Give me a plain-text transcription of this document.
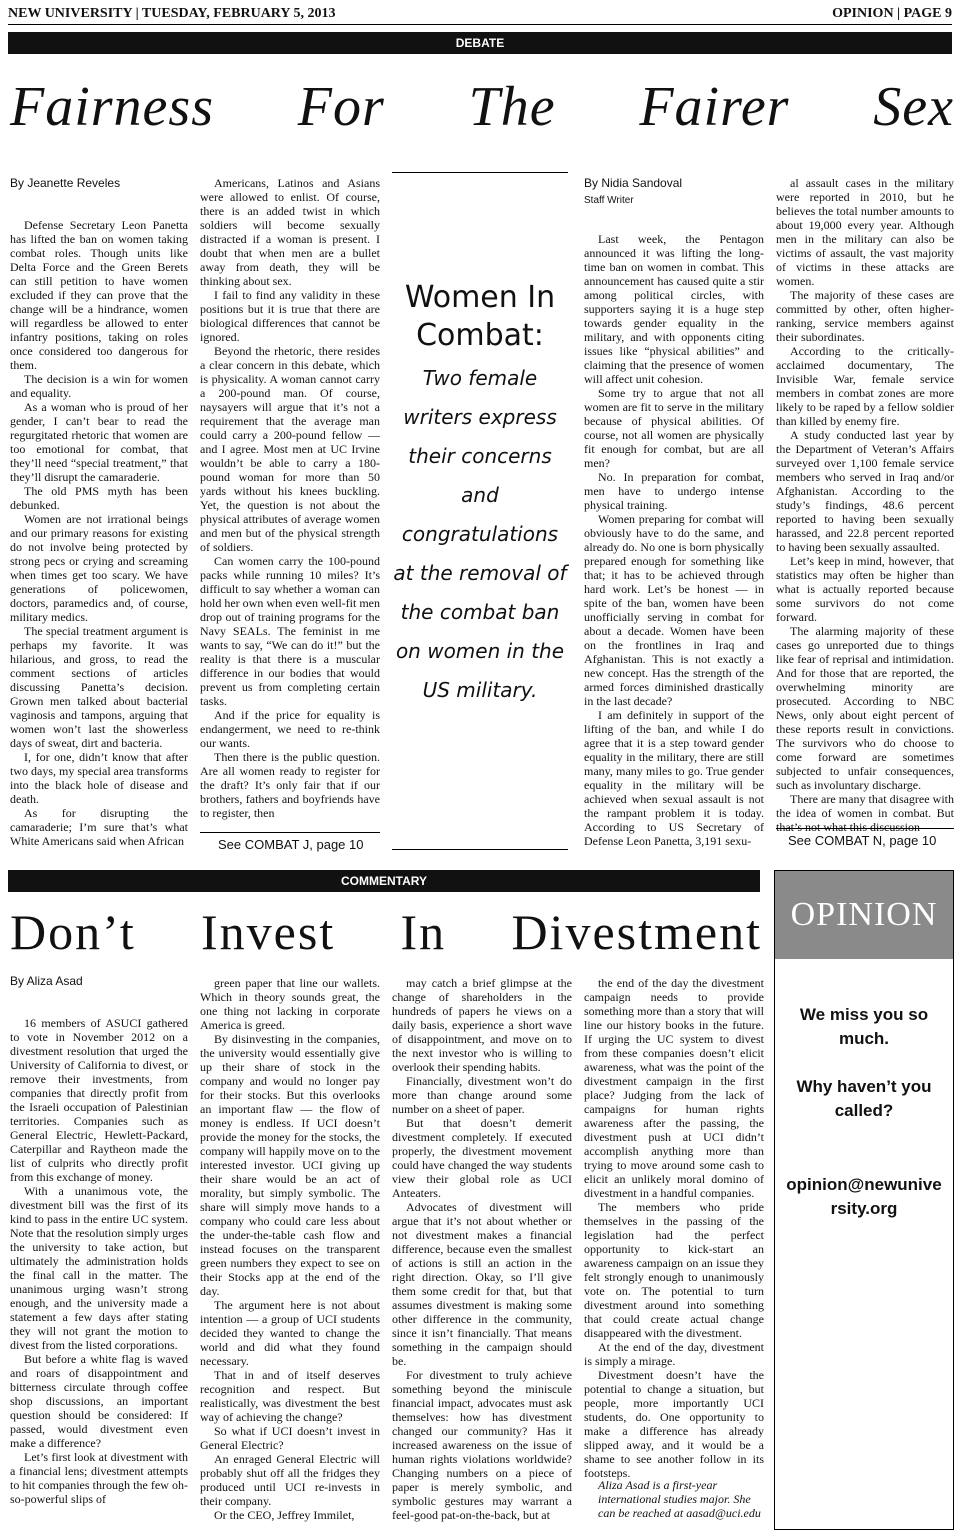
NEW UNIVERSITY | TUESDAY, FEBRUARY 5, 2013	OPINION | PAGE 9
DEBATE
Fairness For The Fairer Sex
By Jeanette Reveles

Defense Secretary Leon Panetta has lifted the ban on women taking combat roles. Though units like Delta Force and the Green Berets can still petition to have women excluded if they can prove that the change will be a hindrance, women will regardless be allowed to enter infantry positions, taking on roles once considered too dangerous for them.

The decision is a win for women and equality.

As a woman who is proud of her gender, I can’t bear to read the regurgitated rhetoric that women are too emotional for combat, that they’ll need “special treatment,” that they’ll disrupt the camaraderie.

The old PMS myth has been debunked.

Women are not irrational beings and our primary reasons for existing do not involve being protected by strong pecs or crying and screaming when times get too scary. We have generations of policewomen, doctors, paramedics and, of course, military medics.

The special treatment argument is perhaps my favorite. It was hilarious, and gross, to read the comment sections of articles discussing Panetta’s decision. Grown men talked about bacterial vaginosis and tampons, arguing that women won’t last the showerless days of sweat, dirt and bacteria.

I, for one, didn’t know that after two days, my special area transforms into the black hole of disease and death.

As for disrupting the camaraderie; I’m sure that’s what White Americans said when African

Americans, Latinos and Asians were allowed to enlist. Of course, there is an added twist in which soldiers will become sexually distracted if a woman is present. I doubt that when men are a bullet away from death, they will be thinking about sex.

I fail to find any validity in these positions but it is true that there are biological differences that cannot be ignored.

Beyond the rhetoric, there resides a clear concern in this debate, which is physicality. A woman cannot carry a 200-pound man. Of course, naysayers will argue that it’s not a requirement that the average man could carry a 200-pound fellow — and I agree. Most men at UC Irvine wouldn’t be able to carry a 180-pound woman for more than 50 yards without his knees buckling. Yet, the question is not about the physical attributes of average women and men but of the physical strength of soldiers.

Can women carry the 100-pound packs while running 10 miles? It’s difficult to say whether a woman can hold her own when even well-fit men drop out of training programs for the Navy SEALs. The feminist in me wants to say, “We can do it!” but the reality is that there is a muscular difference in our bodies that would prevent us from completing certain tasks.

And if the price for equality is endangerment, we need to re-think our wants.

Then there is the public question. Are all women ready to register for the draft? It’s only fair that if our brothers, fathers and boyfriends have to register, then

See COMBAT J, page 10
Women In Combat:
Two female writers express their concerns and congratulations at the removal of the combat ban on women in the US military.
By Nidia Sandoval
Staff Writer

Last week, the Pentagon announced it was lifting the long-time ban on women in combat. This announcement has caused quite a stir among political circles, with supporters saying it is a huge step towards gender equality in the military, and with opponents citing issues like “physical abilities” and claiming that the presence of women will affect unit cohesion.

Some try to argue that not all women are fit to serve in the military because of physical abilities. Of course, not all women are physically fit enough for combat, but are all men?

No. In preparation for combat, men have to undergo intense physical training.

Women preparing for combat will obviously have to do the same, and already do. No one is born physically prepared enough for something like that; it has to be achieved through hard work. Let’s be honest — in spite of the ban, women have been unofficially serving in combat for about a decade. Women have been on the frontlines in Iraq and Afghanistan. This is not exactly a new concept. Has the strength of the armed forces diminished drastically in the last decade?

I am definitely in support of the lifting of the ban, and while I do agree that it is a step toward gender equality in the military, there are still many, many miles to go. True gender equality in the military will be achieved when sexual assault is not the rampant problem it is today. According to US Secretary of Defense Leon Panetta, 3,191 sexu-

al assault cases in the military were reported in 2010, but he believes the total number amounts to about 19,000 every year. Although men in the military can also be victims of assault, the vast majority of victims in these attacks are women.

The majority of these cases are committed by other, often higher-ranking, service members against their subordinates.

According to the critically-acclaimed documentary, The Invisible War, female service members in combat zones are more likely to be raped by a fellow soldier than killed by enemy fire.

A study conducted last year by the Department of Veteran’s Affairs surveyed over 1,100 female service members who served in Iraq and/or Afghanistan. According to the study’s findings, 48.6 percent reported to having been sexually harassed, and 22.8 percent reported to having been sexually assaulted.

Let’s keep in mind, however, that statistics may often be higher than what is actually reported because some survivors do not come forward.

The alarming majority of these cases go unreported due to things like fear of reprisal and intimidation. And for those that are reported, the overwhelming minority are prosecuted. According to NBC News, only about eight percent of these reports result in convictions. The survivors who do choose to come forward are sometimes subjected to unfair consequences, such as involuntary discharge.

There are many that disagree with the idea of women in combat. But that’s not what this discussion

See COMBAT N, page 10
COMMENTARY
Don’t Invest In Divestment
By Aliza Asad

16 members of ASUCI gathered to vote in November 2012 on a divestment resolution that urged the University of California to divest, or remove their investments, from companies that directly profit from the Israeli occupation of Palestinian territories. Companies such as General Electric, Hewlett-Packard, Caterpillar and Raytheon made the list of culprits who directly profit from this exchange of money.

With a unanimous vote, the divestment bill was the first of its kind to pass in the entire UC system. Note that the resolution simply urges the university to take action, but ultimately the administration holds the final call in the matter. The unanimous urging wasn’t strong enough, and the university made a statement a few days after stating they will not grant the motion to divest from the listed corporations.

But before a white flag is waved and roars of disappointment and bitterness circulate through coffee shop discussions, an important question should be considered: If passed, would divestment even make a difference?

Let’s first look at divestment with a financial lens; divestment attempts to hit companies through the few oh-so-powerful slips of

green paper that line our wallets. Which in theory sounds great, the one thing not lacking in corporate America is greed.

By disinvesting in the companies, the university would essentially give up their share of stock in the company and would no longer pay for their stocks. But this overlooks an important flaw — the flow of money is endless. If UCI doesn’t provide the money for the stocks, the company will happily move on to the interested investor. UCI giving up their share would be an act of morality, but simply symbolic. The share will simply move hands to a company who could care less about the under-the-table cash flow and instead focuses on the transparent green numbers they expect to see on their Stocks app at the end of the day.

The argument here is not about intention — a group of UCI students decided they wanted to change the world and did what they found necessary.

That in and of itself deserves recognition and respect. But realistically, was divestment the best way of achieving the change?

So what if UCI doesn’t invest in General Electric?

An enraged General Electric will probably shut off all the fridges they produced until UCI re-invests in their company.

Or the CEO, Jeffrey Immilet,

may catch a brief glimpse at the change of shareholders in the hundreds of papers he views on a daily basis, experience a short wave of disappointment, and move on to the next investor who is willing to overlook their spending habits.

Financially, divestment won’t do more than change around some number on a sheet of paper.

But that doesn’t demerit divestment completely. If executed properly, the divestment movement could have changed the way students view their global role as UCI Anteaters.

Advocates of divestment will argue that it’s not about whether or not divestment makes a financial difference, because even the smallest of actions is still an action in the right direction. Okay, so I’ll give them some credit for that, but that assumes divestment is making some other difference in the community, since it isn’t financially. That means something in the campaign should be.

For divestment to truly achieve something beyond the miniscule financial impact, advocates must ask themselves: how has divestment changed our community? Has it increased awareness on the issue of human rights violations worldwide? Changing numbers on a piece of paper is merely symbolic, and symbolic gestures may warrant a feel-good pat-on-the-back, but at

the end of the day the divestment campaign needs to provide something more than a story that will line our history books in the future. If urging the UC system to divest from these companies doesn’t elicit awareness, what was the point of the divestment campaign in the first place? Judging from the lack of campaigns for human rights awareness after the passing, the divestment push at UCI didn’t accomplish anything more than trying to move around some cash to elicit an unlikely moral domino of divestment in a handful companies.

The members who pride themselves in the passing of the legislation had the perfect opportunity to kick-start an awareness campaign on an issue they felt strongly enough to unanimously vote on. The potential to turn divestment around into something that could create actual change disappeared with the divestment.

At the end of the day, divestment is simply a mirage.

Divestment doesn’t have the potential to change a situation, but people, more importantly UCI students, do. One opportunity to make a difference has already slipped away, and it would be a shame to see another follow in its footsteps.

Aliza Asad is a first-year international studies major. She can be reached at aasad@uci.edu
OPINION
We miss you so much.
Why haven’t you called?
opinion@newuniversity.org
